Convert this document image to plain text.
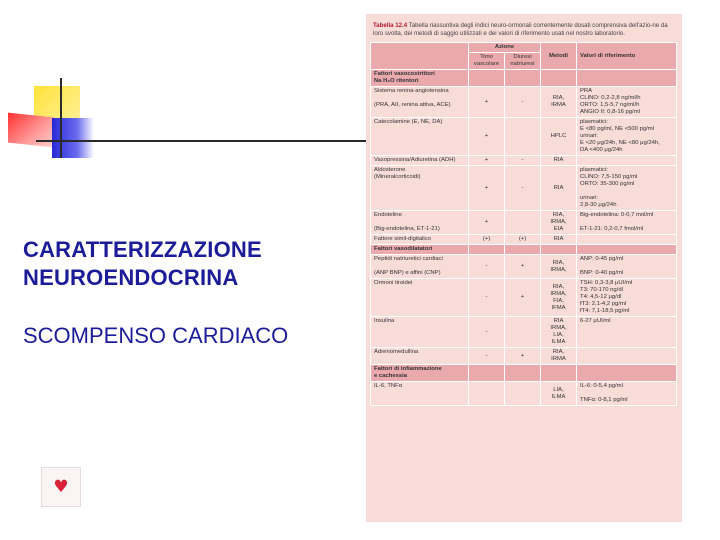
CARATTERIZZAZIONE
NEUROENDOCRINA
SCOMPENSO CARDIACO
♥
Tabella 12.4 Tabella riassuntiva degli indici neuro-ormonali correntemente dosati comprensiva dell'azio-ne da loro svolta, dei metodi di saggio utilizzati e dei valori di riferimento usati nel nostro laboratorio.
	Azione		Metodi	Valori di riferimento
	Tono vascolare	Diuresi natriuresi		
Fattori vasocostrittori
Na H₂O ritentori				
Sistema renina-angiotensina

(PRA, AII, renina attiva, ACE)	+	-	RIA,
IRMA	PRA
CLINO: 0,2-2,8 ng/ml/h
ORTO: 1,5-5,7 ng/ml/h
ANGIO II: 0,8-16 pg/ml
Catecolamine (E, NE, DA)	+		HPLC	plasmatici:
E <80 pg/ml, NE <500 pg/ml
urinari:
E <20 μg/24h, NE <80 μg/24h,
DA <400 μg/24h
Vasopressina/Adiuretina (ADH)	+	-	RIA	
Aldosterone
(Mineralcorticoidi)	+	-	RIA	plasmatici:
CLINO: 7,5-150 pg/ml
ORTO: 35-300 pg/ml

urinari:
2,8-30 μg/24h
Endoteline

(Big-endotelina, ET-1-21)	+		RIA,
IRMA,
EIA	Big-endotelina: 0-0,7 mol/ml

ET-1-21: 0,2-0,7 fmol/ml
Fattore simil-digitalico	(+)	(+)	RIA	
Fattori vasodilatatori				
Peptidi natriuretici cardiaci

(ANP BNP) e affini (CNP)	-	+	RIA,
IRMA,	ANP: 0-45 pg/ml

BNP: 0-40 pg/ml
Ormoni tiroidei	-	+	RIA,
IRMA,
FIA,
IFMA	TSH: 0,3-3,8 μUI/ml
T3: 70-170 ng/dl
T4: 4,5-12 μg/dl
fT3: 2,1-4,2 pg/ml
fT4: 7,1-18,5 pg/ml
Insulina	-		RIA
IRMA,
LIA,
ILMA	6-27 μUI/ml
Adrenomedullina	-	+	RIA,
IRMA	
Fattori di infiammazione
e cachessia				
IL-6, TNFα			LIA,
ILMA	IL-6: 0-5,4 pg/ml

TNFα: 0-8,1 pg/ml
